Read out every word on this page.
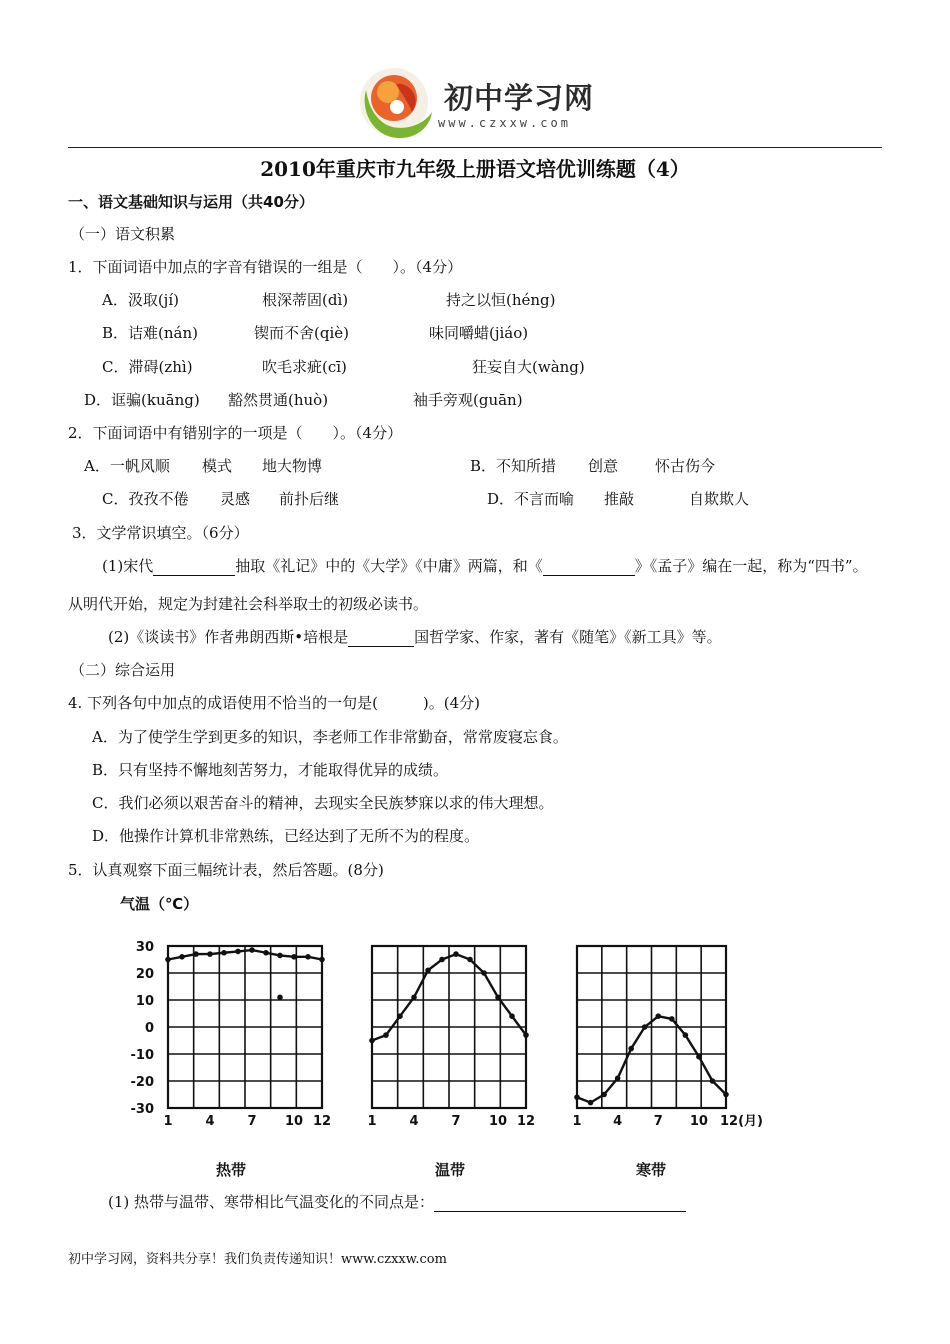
初中学习网
www.czxxw.com
2010年重庆市九年级上册语文培优训练题（4）
一、语文基础知识与运用（共40分）
（一）语文积累
1．下面词语中加点的字音有错误的一组是（　　）。（4分）
A．汲取(jí)	根深蒂固(dì)	持之以恒(héng)
B．诘难(nán)	锲而不舍(qiè)	味同嚼蜡(jiáo)
C．滞碍(zhì)	吹毛求疵(cī)	狂妄自大(wàng)
D．诓骗(kuāng) 豁然贯通(huò)	袖手旁观(guān)
2．下面词语中有错别字的一项是（　　）。（4分）
A．一帆风顺 模式 地大物博	B．不知所措 创意 怀古伤今
C．孜孜不倦 灵感 前扑后继	D．不言而喻 推敲	自欺欺人
3．文学常识填空。（6分）
(1)宋代	抽取《礼记》中的《大学》《中庸》两篇，和《	》《孟子》编在一起，称为“四书”。
从明代开始，规定为封建社会科举取士的初级必读书。
(2)《谈读书》作者弗朗西斯•培根是	国哲学家、作家，著有《随笔》《新工具》等。
（二）综合运用
4. 下列各句中加点的成语使用不恰当的一句是(　　　)。(4分)
A．为了使学生学到更多的知识，李老师工作非常勤奋，常常废寝忘食。
B．只有坚持不懈地刻苦努力，才能取得优异的成绩。
C．我们必须以艰苦奋斗的精神，去现实全民族梦寐以求的伟大理想。
D．他操作计算机非常熟练，已经达到了无所不为的程度。
5．认真观察下面三幅统计表，然后答题。(8分)
气温（℃）
30
20
10
0
-10
-20
-30
1	4	7 10 12	1	4	7 10 12	1 4 7 10 12(月)
热带	温带	寒带
(1) 热带与温带、寒带相比气温变化的不同点是：
初中学习网，资料共分享！我们负责传递知识！www.czxxw.com
